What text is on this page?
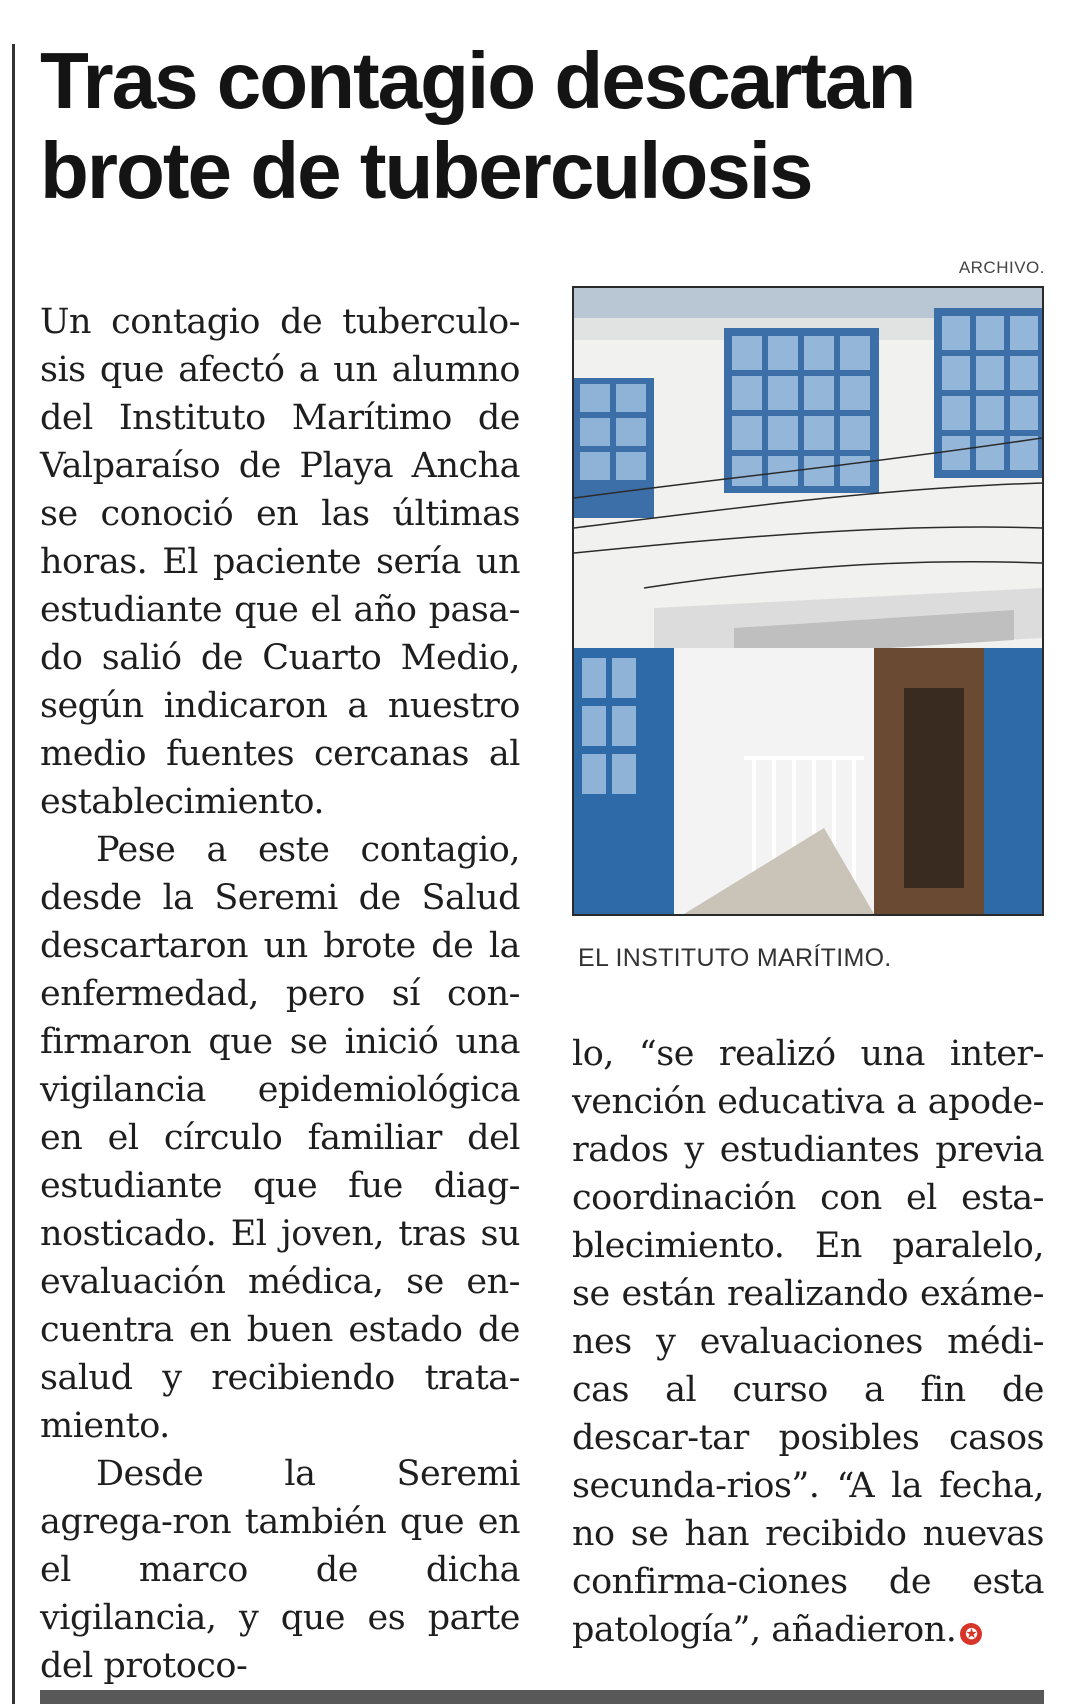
Tras contagio descartan brote de tuberculosis
ARCHIVO.
EL INSTITUTO MARÍTIMO.

Un contagio de tuberculo-sis que afectó a un alumno del Instituto Marítimo de Valparaíso de Playa Ancha se conoció en las últimas horas. El paciente sería un estudiante que el año pasa-do salió de Cuarto Medio, según indicaron a nuestro medio fuentes cercanas al establecimiento.

Pese a este contagio, desde la Seremi de Salud descartaron un brote de la enfermedad, pero sí con-firmaron que se inició una vigilancia epidemiológica en el círculo familiar del estudiante que fue diag-nosticado. El joven, tras su evaluación médica, se en-cuentra en buen estado de salud y recibiendo trata-miento.

Desde la Seremi agrega-ron también que en el marco de dicha vigilancia, y que es parte del protoco-

lo, “se realizó una inter-vención educativa a apode-rados y estudiantes previa coordinación con el esta-blecimiento. En paralelo, se están realizando exáme-nes y evaluaciones médi-cas al curso a fin de descar-tar posibles casos secunda-rios”. “A la fecha, no se han recibido nuevas confirma-ciones de esta patología”, añadieron. ✪
